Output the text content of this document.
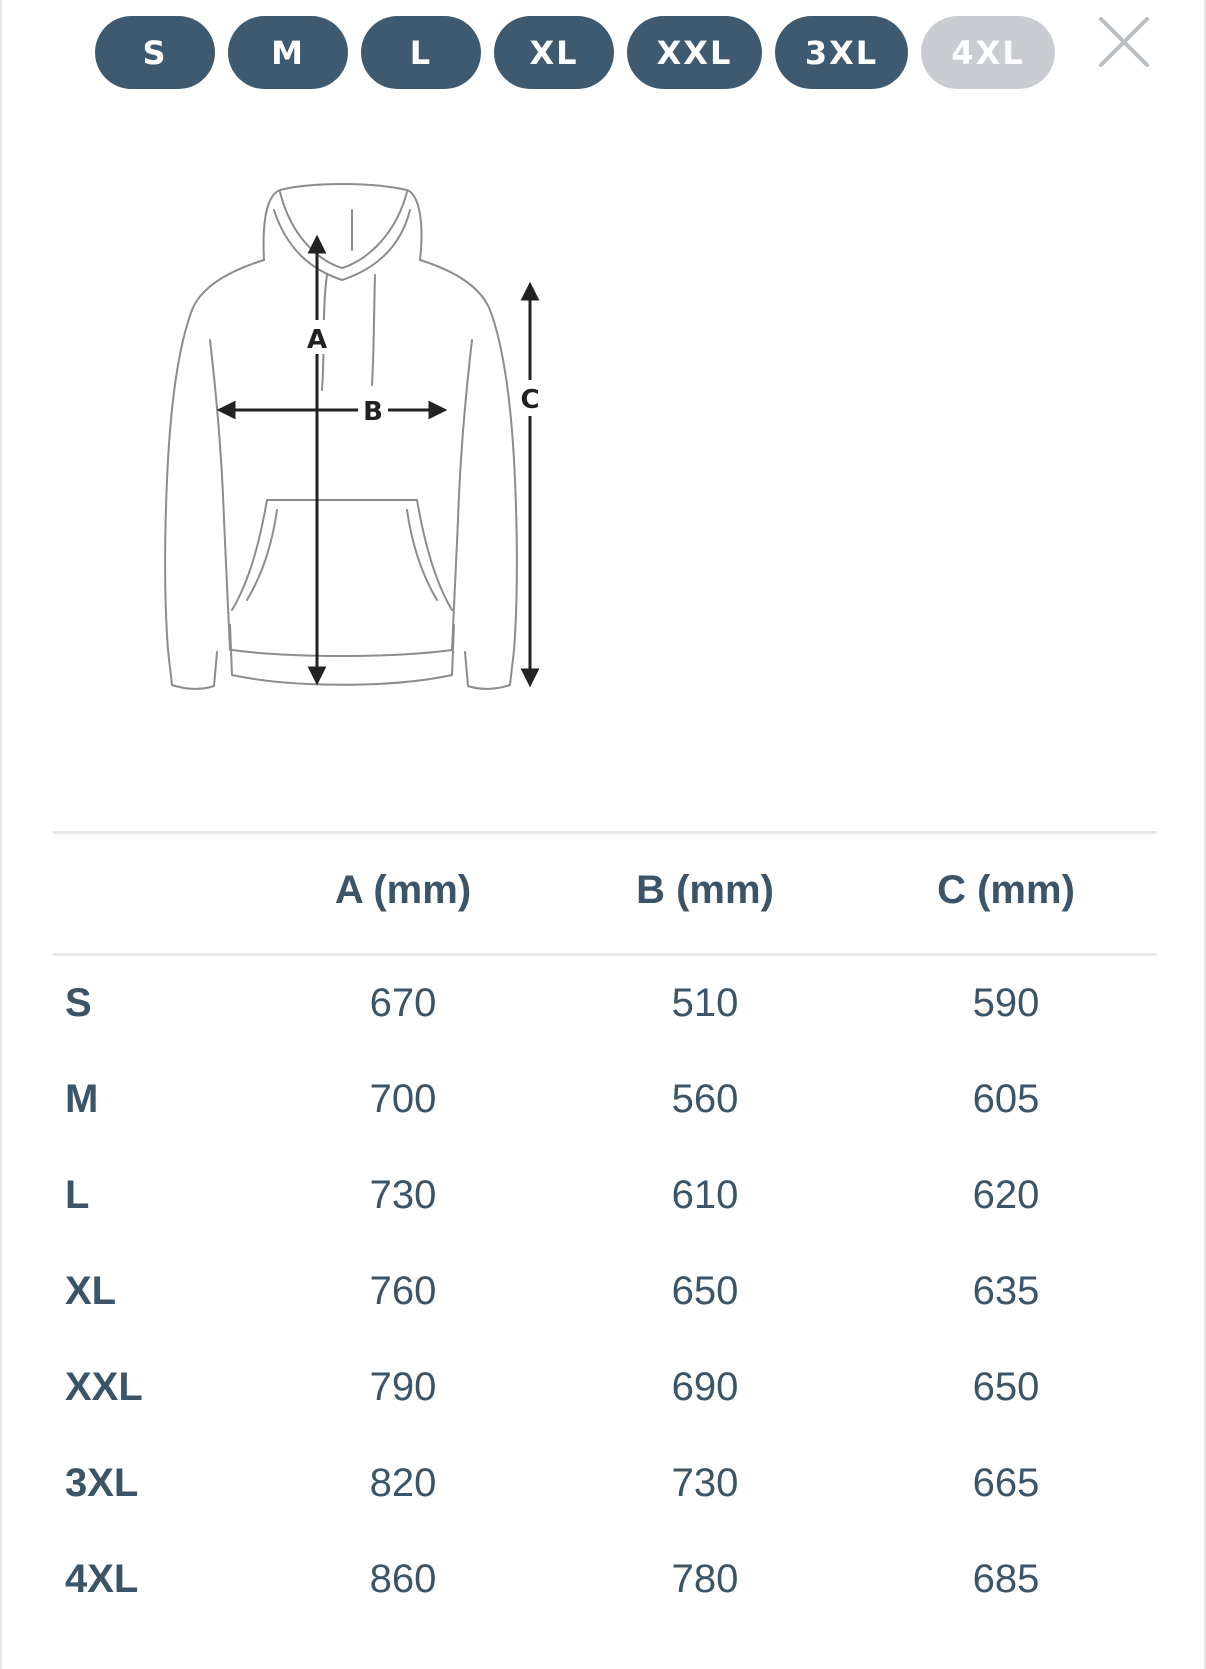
S	M	L	XL	XXL	3XL	4XL
A
B	C
A (mm)	B (mm)	C (mm)
S	670	510	590
M	700	560	605
L	730	610	620
XL	760	650	635
XXL	790	690	650
3XL	820	730	665
4XL	860	780	685
